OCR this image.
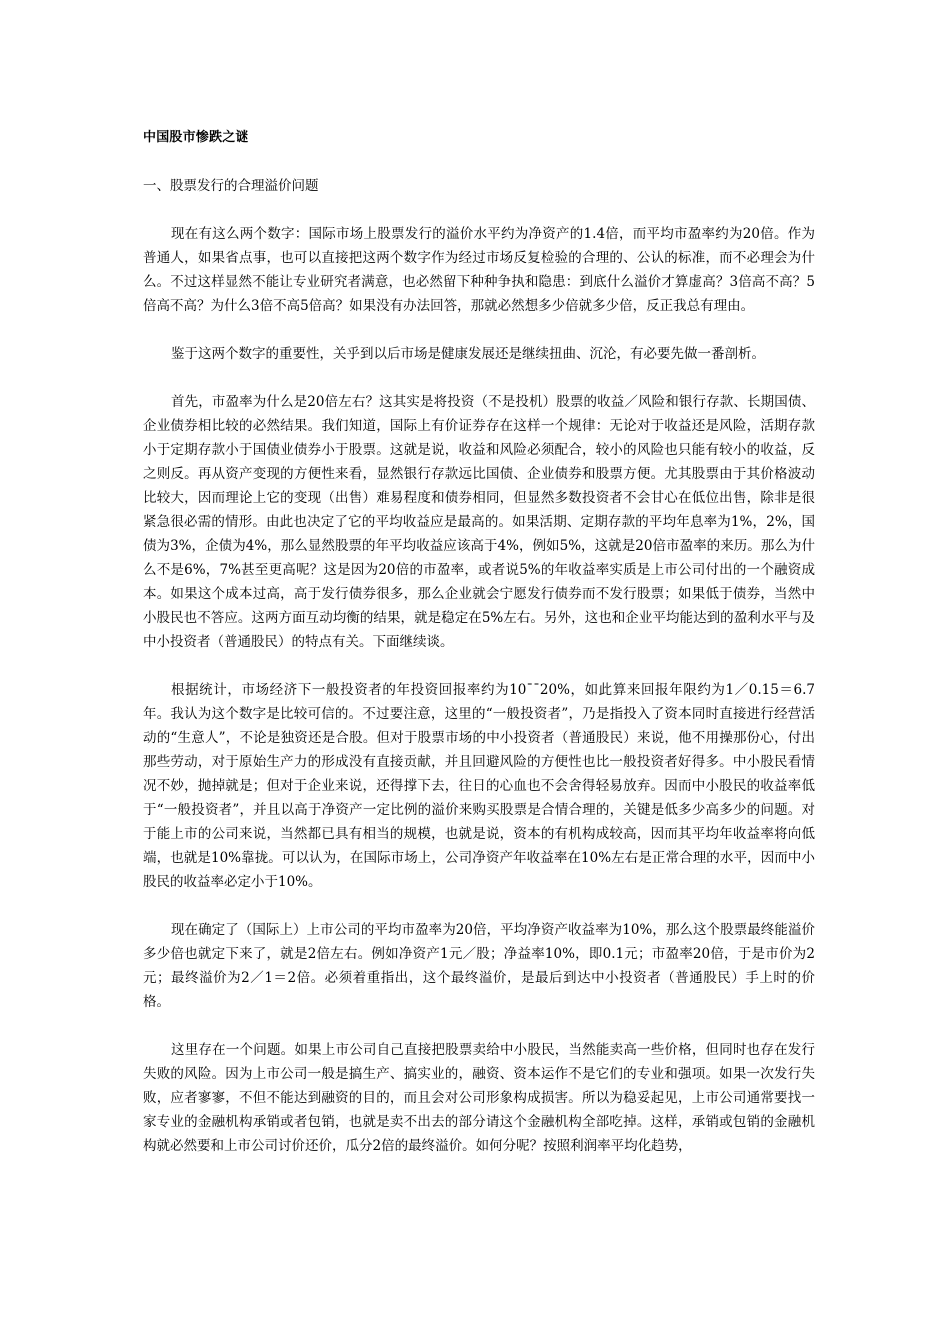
中国股市惨跌之谜

一、股票发行的合理溢价问题

现在有这么两个数字：国际市场上股票发行的溢价水平约为净资产的1.4倍，而平均市盈率约为20倍。作为普通人，如果省点事，也可以直接把这两个数字作为经过市场反复检验的合理的、公认的标准，而不必理会为什么。不过这样显然不能让专业研究者满意，也必然留下种种争执和隐患：到底什么溢价才算虚高？3倍高不高？5倍高不高？为什么3倍不高5倍高？如果没有办法回答，那就必然想多少倍就多少倍，反正我总有理由。

鉴于这两个数字的重要性，关乎到以后市场是健康发展还是继续扭曲、沉沦，有必要先做一番剖析。

首先，市盈率为什么是20倍左右？这其实是将投资（不是投机）股票的收益／风险和银行存款、长期国债、企业债券相比较的必然结果。我们知道，国际上有价证券存在这样一个规律：无论对于收益还是风险，活期存款小于定期存款小于国债业债券小于股票。这就是说，收益和风险必须配合，较小的风险也只能有较小的收益，反之则反。再从资产变现的方便性来看，显然银行存款远比国债、企业债券和股票方便。尤其股票由于其价格波动比较大，因而理论上它的变现（出售）难易程度和债券相同，但显然多数投资者不会甘心在低位出售，除非是很紧急很必需的情形。由此也决定了它的平均收益应是最高的。如果活期、定期存款的平均年息率为1%，2%，国债为3%，企债为4%，那么显然股票的年平均收益应该高于4%，例如5%，这就是20倍市盈率的来历。那么为什么不是6%，7%甚至更高呢？这是因为20倍的市盈率，或者说5%的年收益率实质是上市公司付出的一个融资成本。如果这个成本过高，高于发行债券很多，那么企业就会宁愿发行债券而不发行股票；如果低于债券，当然中小股民也不答应。这两方面互动均衡的结果，就是稳定在5%左右。另外，这也和企业平均能达到的盈利水平与及中小投资者（普通股民）的特点有关。下面继续谈。

根据统计，市场经济下一般投资者的年投资回报率约为10¯¯20%，如此算来回报年限约为1／0.15＝6.7年。我认为这个数字是比较可信的。不过要注意，这里的“一般投资者”，乃是指投入了资本同时直接进行经营活动的“生意人”，不论是独资还是合股。但对于股票市场的中小投资者（普通股民）来说，他不用操那份心，付出那些劳动，对于原始生产力的形成没有直接贡献，并且回避风险的方便性也比一般投资者好得多。中小股民看情况不妙，抛掉就是；但对于企业来说，还得撑下去，往日的心血也不会舍得轻易放弃。因而中小股民的收益率低于“一般投资者”，并且以高于净资产一定比例的溢价来购买股票是合情合理的，关键是低多少高多少的问题。对于能上市的公司来说，当然都已具有相当的规模，也就是说，资本的有机构成较高，因而其平均年收益率将向低端，也就是10%靠拢。可以认为，在国际市场上，公司净资产年收益率在10%左右是正常合理的水平，因而中小股民的收益率必定小于10%。

现在确定了（国际上）上市公司的平均市盈率为20倍，平均净资产收益率为10%，那么这个股票最终能溢价多少倍也就定下来了，就是2倍左右。例如净资产1元／股；净益率10%，即0.1元；市盈率20倍，于是市价为2元；最终溢价为2／1＝2倍。必须着重指出，这个最终溢价，是最后到达中小投资者（普通股民）手上时的价格。

这里存在一个问题。如果上市公司自己直接把股票卖给中小股民，当然能卖高一些价格，但同时也存在发行失败的风险。因为上市公司一般是搞生产、搞实业的，融资、资本运作不是它们的专业和强项。如果一次发行失败，应者寥寥，不但不能达到融资的目的，而且会对公司形象构成损害。所以为稳妥起见，上市公司通常要找一家专业的金融机构承销或者包销，也就是卖不出去的部分请这个金融机构全部吃掉。这样，承销或包销的金融机构就必然要和上市公司讨价还价，瓜分2倍的最终溢价。如何分呢？按照利润率平均化趋势，
